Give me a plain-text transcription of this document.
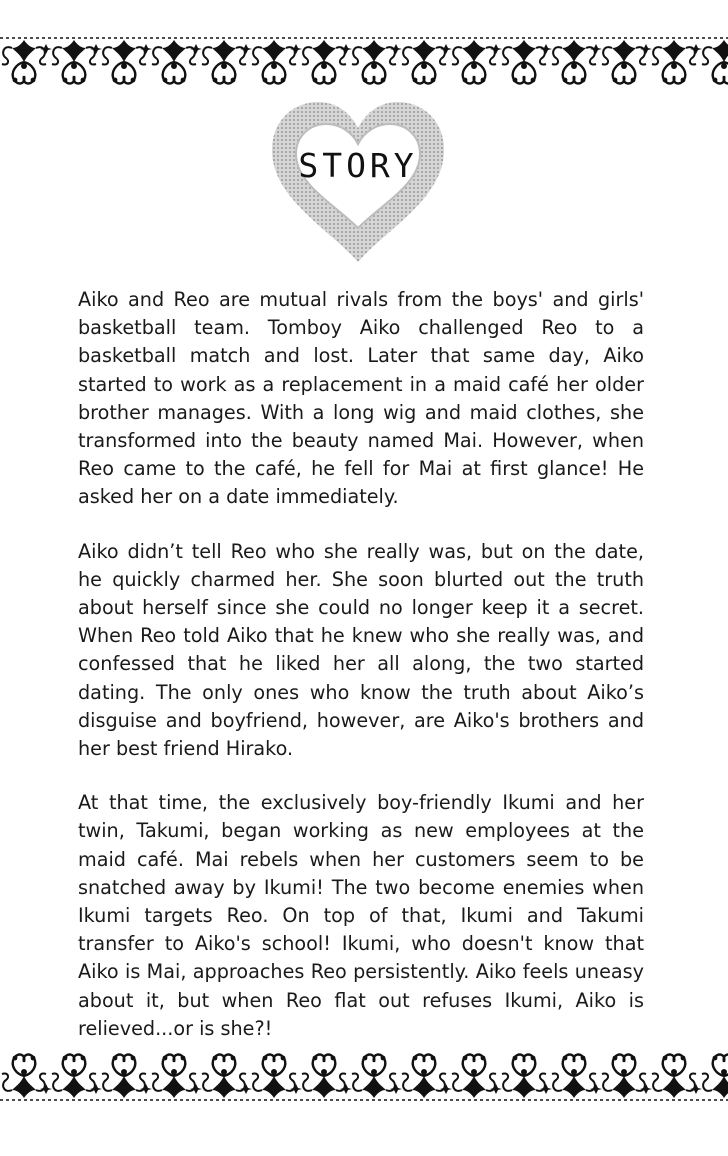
STORY

Aiko and Reo are mutual rivals from the boys' and girls' basketball team. Tomboy Aiko challenged Reo to a basketball match and lost. Later that same day, Aiko started to work as a replacement in a maid café her older brother manages. With a long wig and maid clothes, she transformed into the beauty named Mai. However, when Reo came to the café, he fell for Mai at first glance! He asked her on a date immediately.

Aiko didn’t tell Reo who she really was, but on the date, he quickly charmed her. She soon blurted out the truth about herself since she could no longer keep it a secret. When Reo told Aiko that he knew who she really was, and confessed that he liked her all along, the two started dating. The only ones who know the truth about Aiko’s disguise and boyfriend, however, are Aiko's brothers and her best friend Hirako.

At that time, the exclusively boy-friendly Ikumi and her twin, Takumi, began working as new employees at the maid café. Mai rebels when her customers seem to be snatched away by Ikumi! The two become enemies when Ikumi targets Reo. On top of that, Ikumi and Takumi transfer to Aiko's school! Ikumi, who doesn't know that Aiko is Mai, approaches Reo persistently. Aiko feels uneasy about it, but when Reo flat out refuses Ikumi, Aiko is relieved...or is she?!
